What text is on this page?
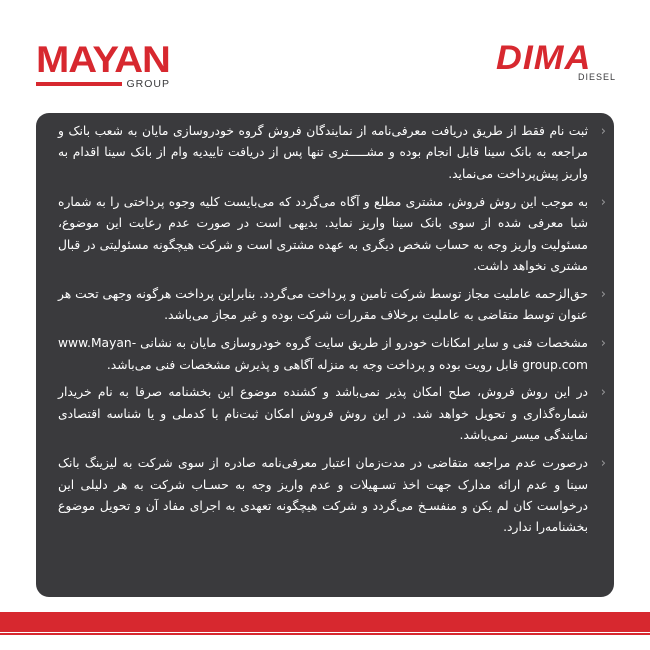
MAYAN
GROUP
DIMA
DIESEL
‹
ثبت نام فقط از طریق دریافت معرفی‌نامه از نمایندگان فروش گروه خودروسازی مایان به شعب بانک و مراجعه به بانک سینا قابل انجام بوده و مشـــــتری تنها پس از دریافت تاییدیه وام از بانک سینا اقدام به واریز پیش‌پرداخت می‌نماید.
‹
به موجب این روش فروش، مشتری مطلع و آگاه می‌گردد که می‌بایست کلیه وجوه پرداختی را به شماره شبا معرفی شده از سوی بانک سینا واریز نماید. بدیهی است در صورت عدم رعایت این موضوع، مسئولیت واریز وجه به حساب شخص دیگری به عهده مشتری است و شرکت هیچگونه مسئولیتی در قبال مشتری نخواهد داشت.
‹
حق‌الزحمه عاملیت مجاز توسط شرکت تامین و پرداخت می‌گردد. بنابراین پرداخت هرگونه وجهی تحت هر عنوان توسط متقاضی به عاملیت برخلاف مقررات شرکت بوده و غیر مجاز می‌باشد.
‹
مشخصات فنی و سایر امکانات خودرو از طریق سایت گروه خودروسازی مایان به نشانی www.Mayan-group.com قابل رویت بوده و پرداخت وجه به منزله آگاهی و پذیرش مشخصات فنی می‌باشد.
‹
در این روش فروش، صلح امکان پذیر نمی‌باشد و کشنده موضوع این بخشنامه صرفا به نام خریدار شماره‌گذاری و تحویل خواهد شد. در این روش فروش امکان ثبت‌نام با کدملی و یا شناسه اقتصادی نمایندگی میسر نمی‌باشد.
‹
درصورت عدم مراجعه متقاضی در مدت‌زمان اعتبار معرفی‌نامه صادره از سوی شرکت به لیزینگ بانک سینا و عدم ارائه مدارک جهت اخذ تسـهیلات و عدم واریز وجه به حسـاب شرکت به هر دلیلی این درخواست کان لم یکن و منفسـخ می‌گردد و شرکت هیچگونه تعهدی به اجرای مفاد آن و تحویل موضوع بخشنامه‌را ندارد.
